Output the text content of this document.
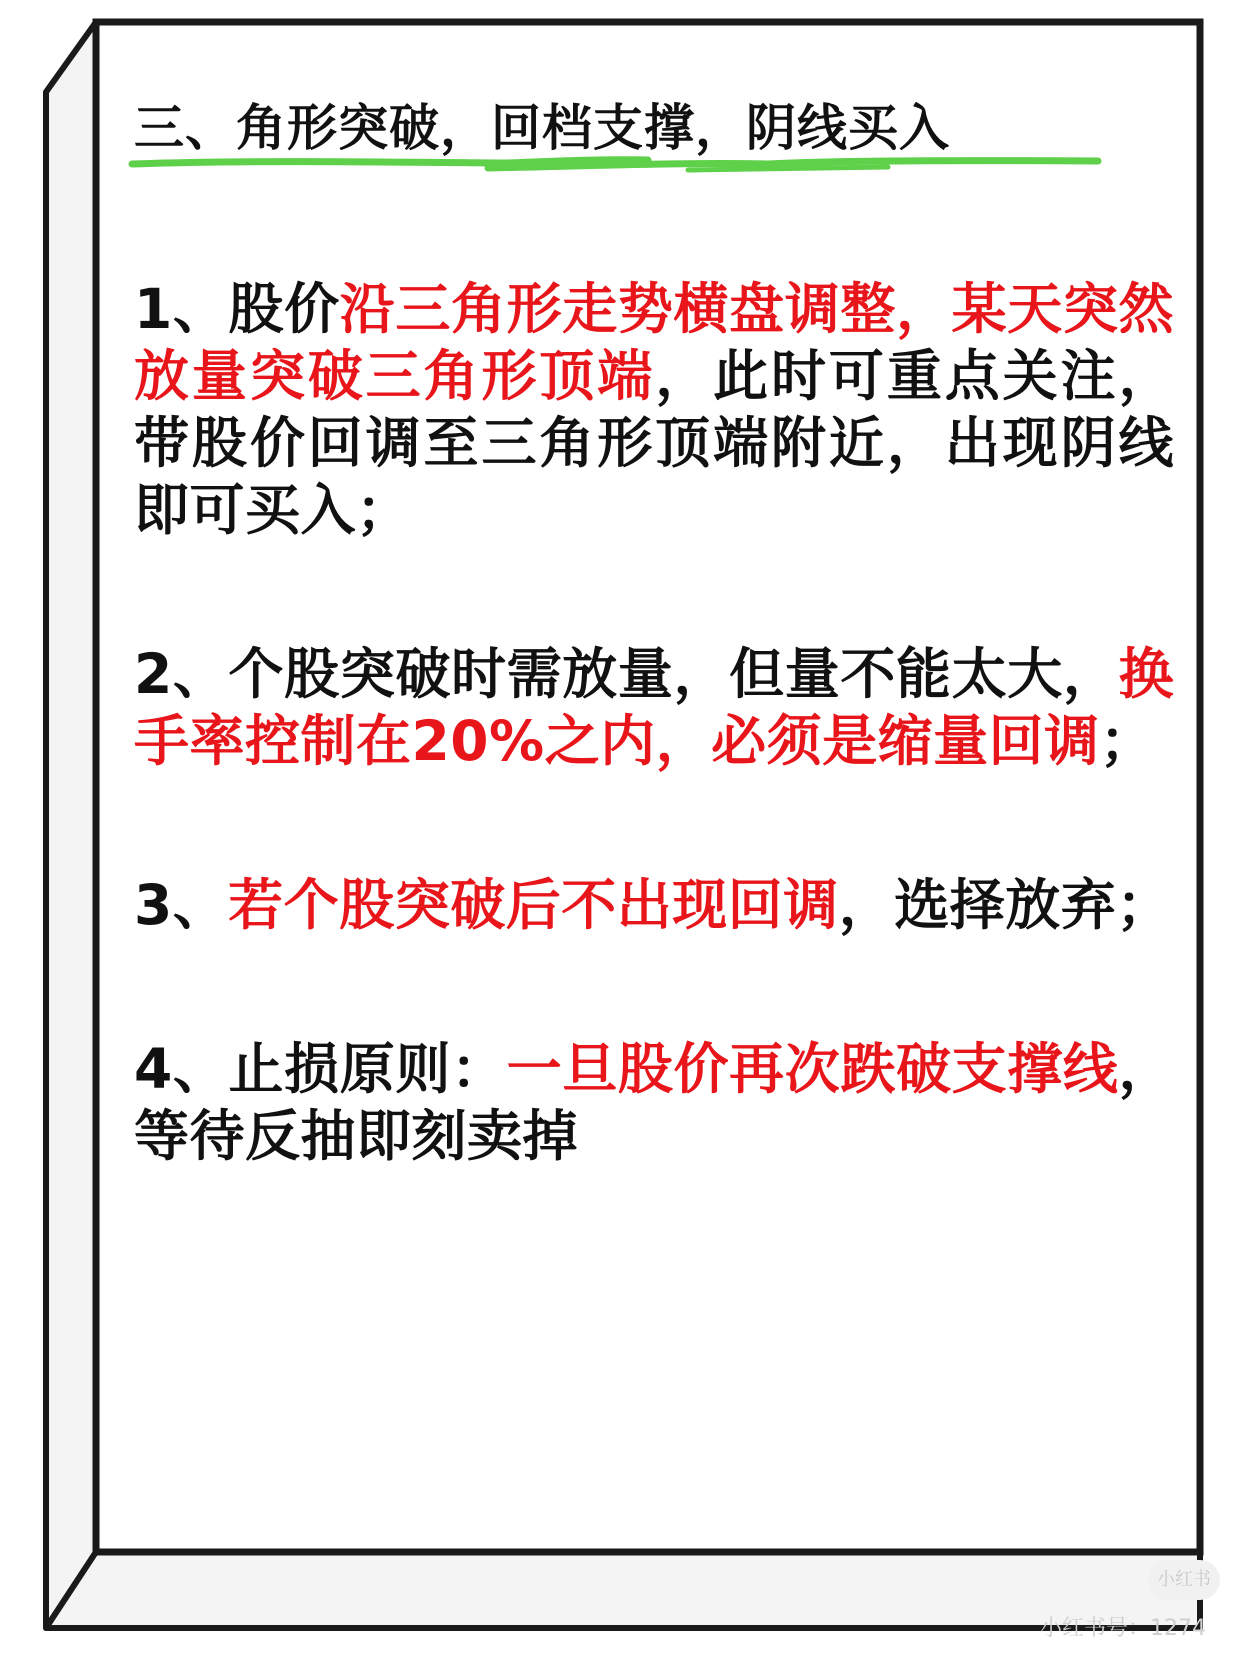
三、角形突破，回档支撑，阴线买入
1、股价沿三角形走势横盘调整，某天突然放量突破三角形顶端，此时可重点关注，带股价回调至三角形顶端附近，出现阴线即可买入；
2、个股突破时需放量，但量不能太大，换手率控制在20%之内，必须是缩量回调；
3、若个股突破后不出现回调，选择放弃；
4、止损原则：一旦股价再次跌破支撑线，等待反抽即刻卖掉
小红书
小红书号：1274
